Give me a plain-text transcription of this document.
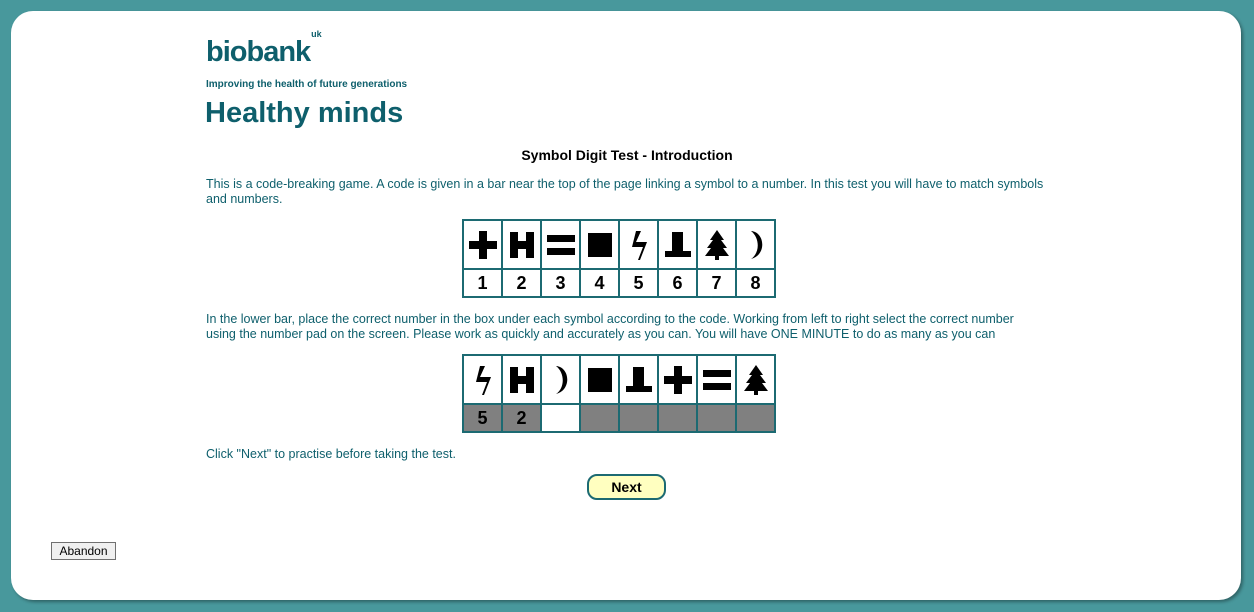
biobank$^{uk}$
Improving the health of future generations
Healthy minds
Symbol Digit Test - Introduction
This is a code-breaking game. A code is given in a bar near the top of the page linking a symbol to a number. In this test you will have to match symbols and numbers.

1	2	3	4	5	6	7	8
In the lower bar, place the correct number in the box under each symbol according to the code. Working from left to right select the correct number using the number pad on the screen. Please work as quickly and accurately as you can. You will have ONE MINUTE to do as many as you can

5	2						
Click "Next" to practise before taking the test.
Next
Abandon
